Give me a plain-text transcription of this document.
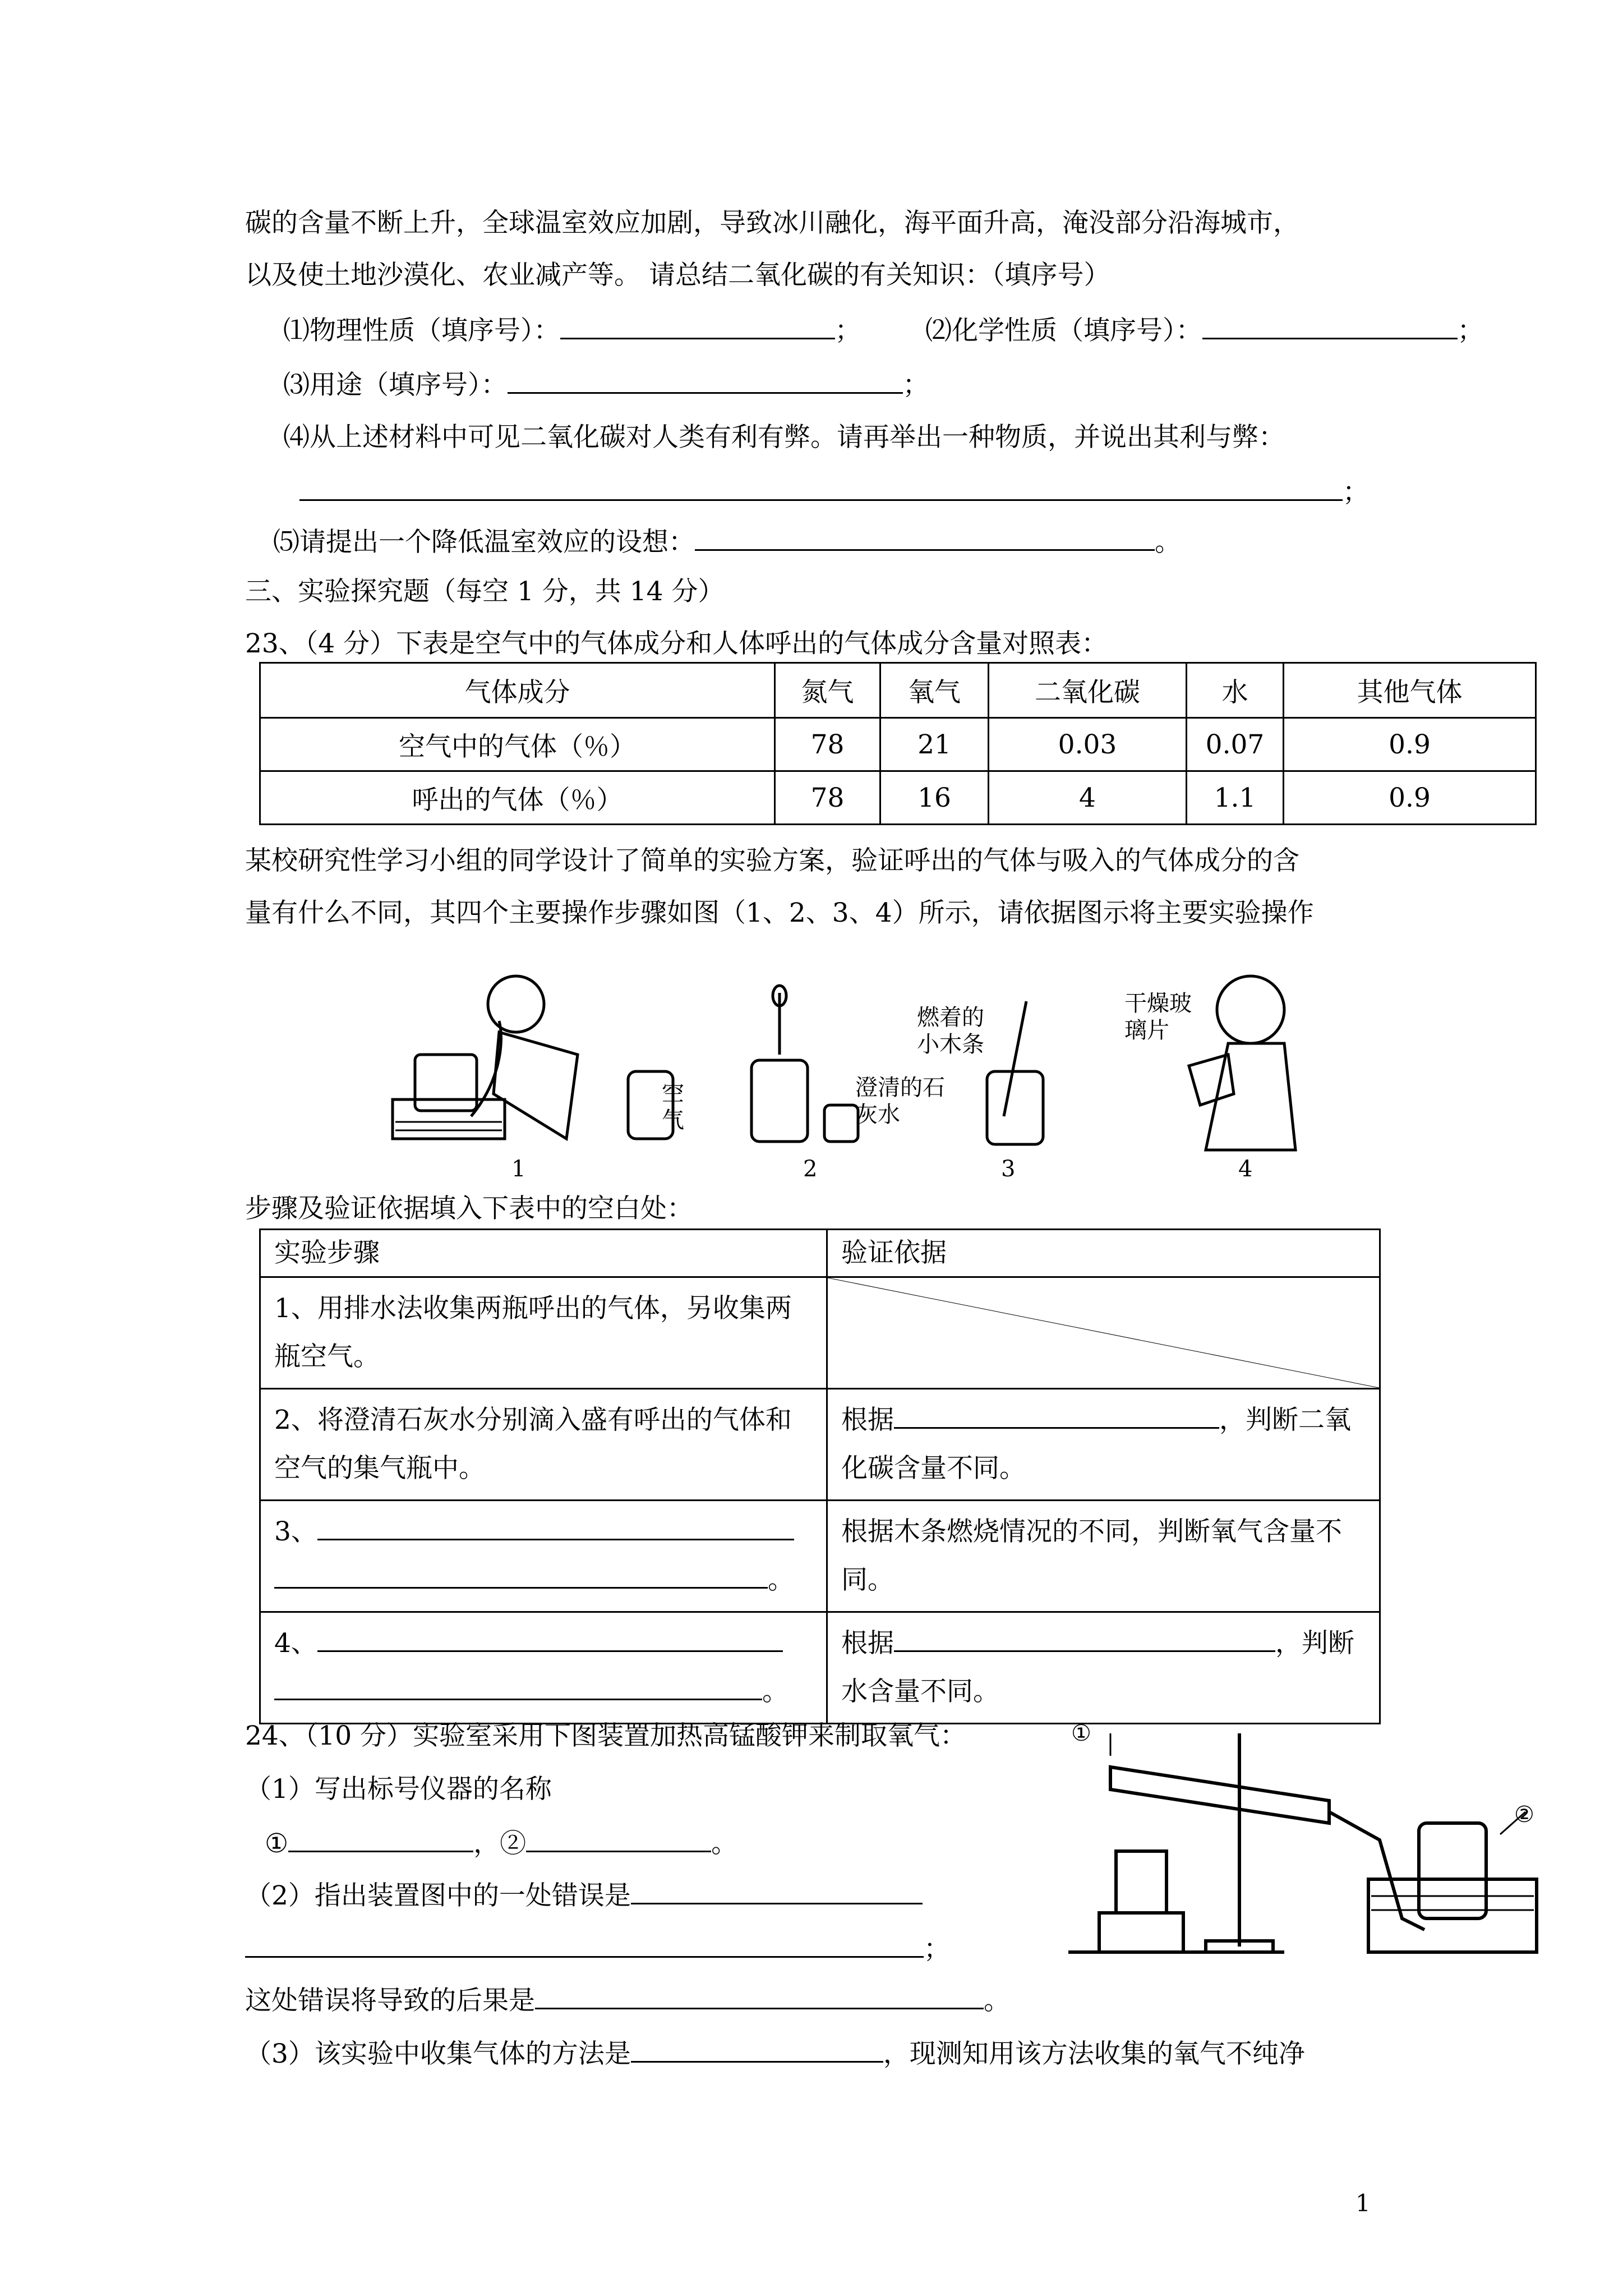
碳的含量不断上升，全球温室效应加剧，导致冰川融化，海平面升高，淹没部分沿海城市，
以及使土地沙漠化、农业减产等。 请总结二氧化碳的有关知识：（填序号）
⑴物理性质（填序号）：	； ⑵化学性质（填序号）：	；
⑶用途（填序号）：	；
⑷从上述材料中可见二氧化碳对人类有利有弊。请再举出一种物质，并说出其利与弊：
；
⑸请提出一个降低温室效应的设想：	。
三、实验探究题（每空 1 分，共 14 分）
23、（4 分）下表是空气中的气体成分和人体呼出的气体成分含量对照表：
气体成分	氮气	氧气	二氧化碳	水	其他气体
空气中的气体（％）	78	21	0.03	0.07	0.9
呼出的气体（％）	78	16	4	1.1	0.9
某校研究性学习小组的同学设计了简单的实验方案，验证呼出的气体与吸入的气体成分的含
量有什么不同，其四个主要操作步骤如图（1、2、3、4）所示，请依据图示将主要实验操作
空气
1
澄清的石灰水
2
燃着的小木条
3
干燥玻璃片
4
步骤及验证依据填入下表中的空白处：
实验步骤	验证依据
1、用排水法收集两瓶呼出的气体，另收集两瓶空气。	

2、将澄清石灰水分别滴入盛有呼出的气体和空气的集气瓶中。	根据 ，判断二氧化碳含量不同。
3、
。	根据木条燃烧情况的不同，判断氧气含量不同。
4、
。	根据 ，判断水含量不同。
24、（10 分）实验室采用下图装置加热高锰酸钾来制取氧气：
（1）写出标号仪器的名称
①	，②	。
（2）指出装置图中的一处错误是
；
这处错误将导致的后果是	。
（3）该实验中收集气体的方法是	，现测知用该方法收集的氧气不纯净
①
②
1
